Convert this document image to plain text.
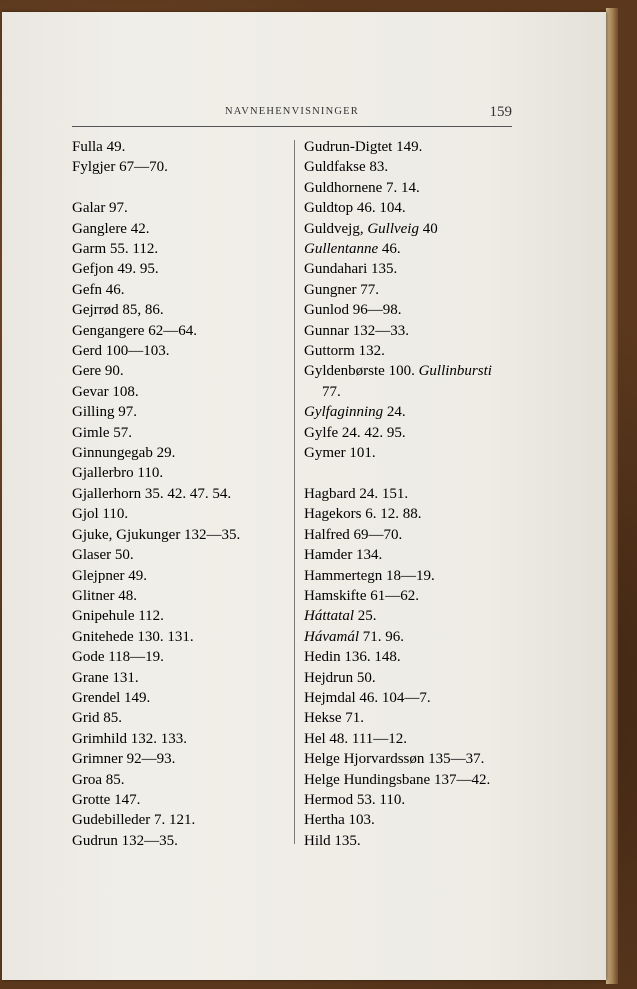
NAVNEHENVISNINGER	159
Fulla 49.
Fylgjer 67—70.
Galar 97.
Ganglere 42.
Garm 55. 112.
Gefjon 49. 95.
Gefn 46.
Gejrrød 85, 86.
Gengangere 62—64.
Gerd 100—103.
Gere 90.
Gevar 108.
Gilling 97.
Gimle 57.
Ginnungegab 29.
Gjallerbro 110.
Gjallerhorn 35. 42. 47. 54.
Gjol 110.
Gjuke, Gjukunger 132—35.
Glaser 50.
Glejpner 49.
Glitner 48.
Gnipehule 112.
Gnitehede 130. 131.
Gode 118—19.
Grane 131.
Grendel 149.
Grid 85.
Grimhild 132. 133.
Grimner 92—93.
Groa 85.
Grotte 147.
Gudebilleder 7. 121.
Gudrun 132—35.
Gudrun-Digtet 149.
Guldfakse 83.
Guldhornene 7. 14.
Guldtop 46. 104.
Guldvejg, Gullveig 40
Gullentanne 46.
Gundahari 135.
Gungner 77.
Gunlod 96—98.
Gunnar 132—33.
Guttorm 132.
Gyldenbørste 100. Gullinbursti
77.
Gylfaginning 24.
Gylfe 24. 42. 95.
Gymer 101.
Hagbard 24. 151.
Hagekors 6. 12. 88.
Halfred 69—70.
Hamder 134.
Hammertegn 18—19.
Hamskifte 61—62.
Háttatal 25.
Hávamál 71. 96.
Hedin 136. 148.
Hejdrun 50.
Hejmdal 46. 104—7.
Hekse 71.
Hel 48. 111—12.
Helge Hjorvardssøn 135—37.
Helge Hundingsbane 137—42.
Hermod 53. 110.
Hertha 103.
Hild 135.
